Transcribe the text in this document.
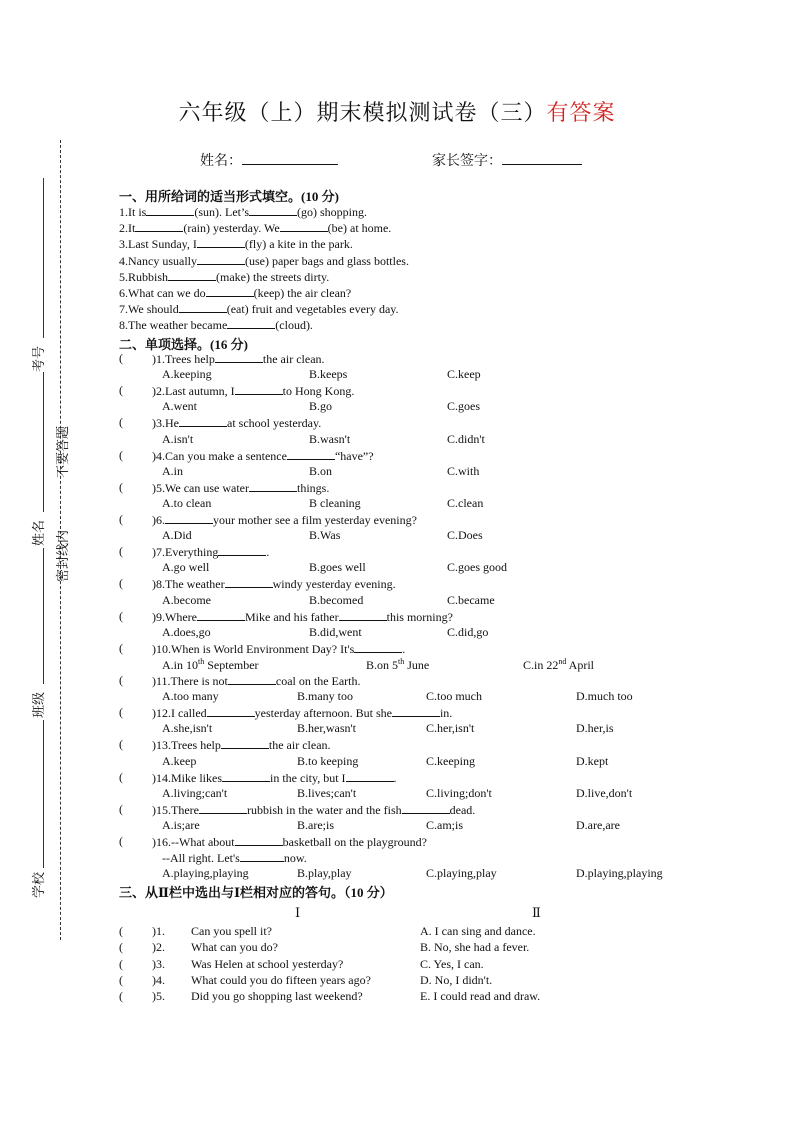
六年级（上）期末模拟测试卷（三）有答案
姓名：	家长签字：
考号
不要答题
姓名 密封线内
班级
学校
一、用所给词的适当形式填空。(10 分)
1.It is	(sun). Let’s	(go) shopping.
2.It	(rain) yesterday. We	(be) at home.
3.Last Sunday, I	(fly) a kite in the park.
4.Nancy usually	(use) paper bags and glass bottles.
5.Rubbish	(make) the streets dirty.
6.What can we do	(keep) the air clean?
7.We should	(eat) fruit and vegetables every day.
8.The weather became	(cloud).
二、单项选择。(16 分)
( )1.Trees help	the air clean.
A.keeping	B.keeps	C.keep
( )2.Last autumn, I	to Hong Kong.
A.went	B.go	C.goes
( )3.He	at school yesterday.
A.isn't	B.wasn't	C.didn't
( )4.Can you make a sentence	“have”?
A.in	B.on	C.with
( )5.We can use water	things.
A.to clean	B cleaning	C.clean
( )6.	your mother see a film yesterday evening?
A.Did	B.Was	C.Does
( )7.Everything	.
A.go well	B.goes well	C.goes good
( )8.The weather	windy yesterday evening.
A.become	B.becomed	C.became
( )9.Where	Mike and his father	this morning?
A.does,go	B.did,went	C.did,go
( )10.When is World Environment Day? It's	.
A.in 10th September	B.on 5th June	C.in 22nd April
( )11.There is not	coal on the Earth.
A.too many	B.many too	C.too much	D.much too
( )12.I called	yesterday afternoon. But she	in.
A.she,isn't	B.her,wasn't	C.her,isn't	D.her,is
( )13.Trees help	the air clean.
A.keep	B.to keeping	C.keeping	D.kept
( )14.Mike likes	in the city, but I	.
A.living;can't	B.lives;can't	C.living;don't	D.live,don't
( )15.There	rubbish in the water and the fish	dead.
A.is;are	B.are;is	C.am;is	D.are,are
( )16.--What about	basketball on the playground?
--All right. Let's	now.
A.playing,playing	B.play,play	C.playing,play	D.playing,playing
三、从Ⅱ栏中选出与Ⅰ栏相对应的答句。（10 分）
Ⅰ	Ⅱ
( )1. Can you spell it?	A. I can sing and dance.
( )2. What can you do?	B. No, she had a fever.
( )3. Was Helen at school yesterday?	C. Yes, I can.
( )4. What could you do fifteen years ago?	D. No, I didn't.
( )5. Did you go shopping last weekend?	E. I could read and draw.
